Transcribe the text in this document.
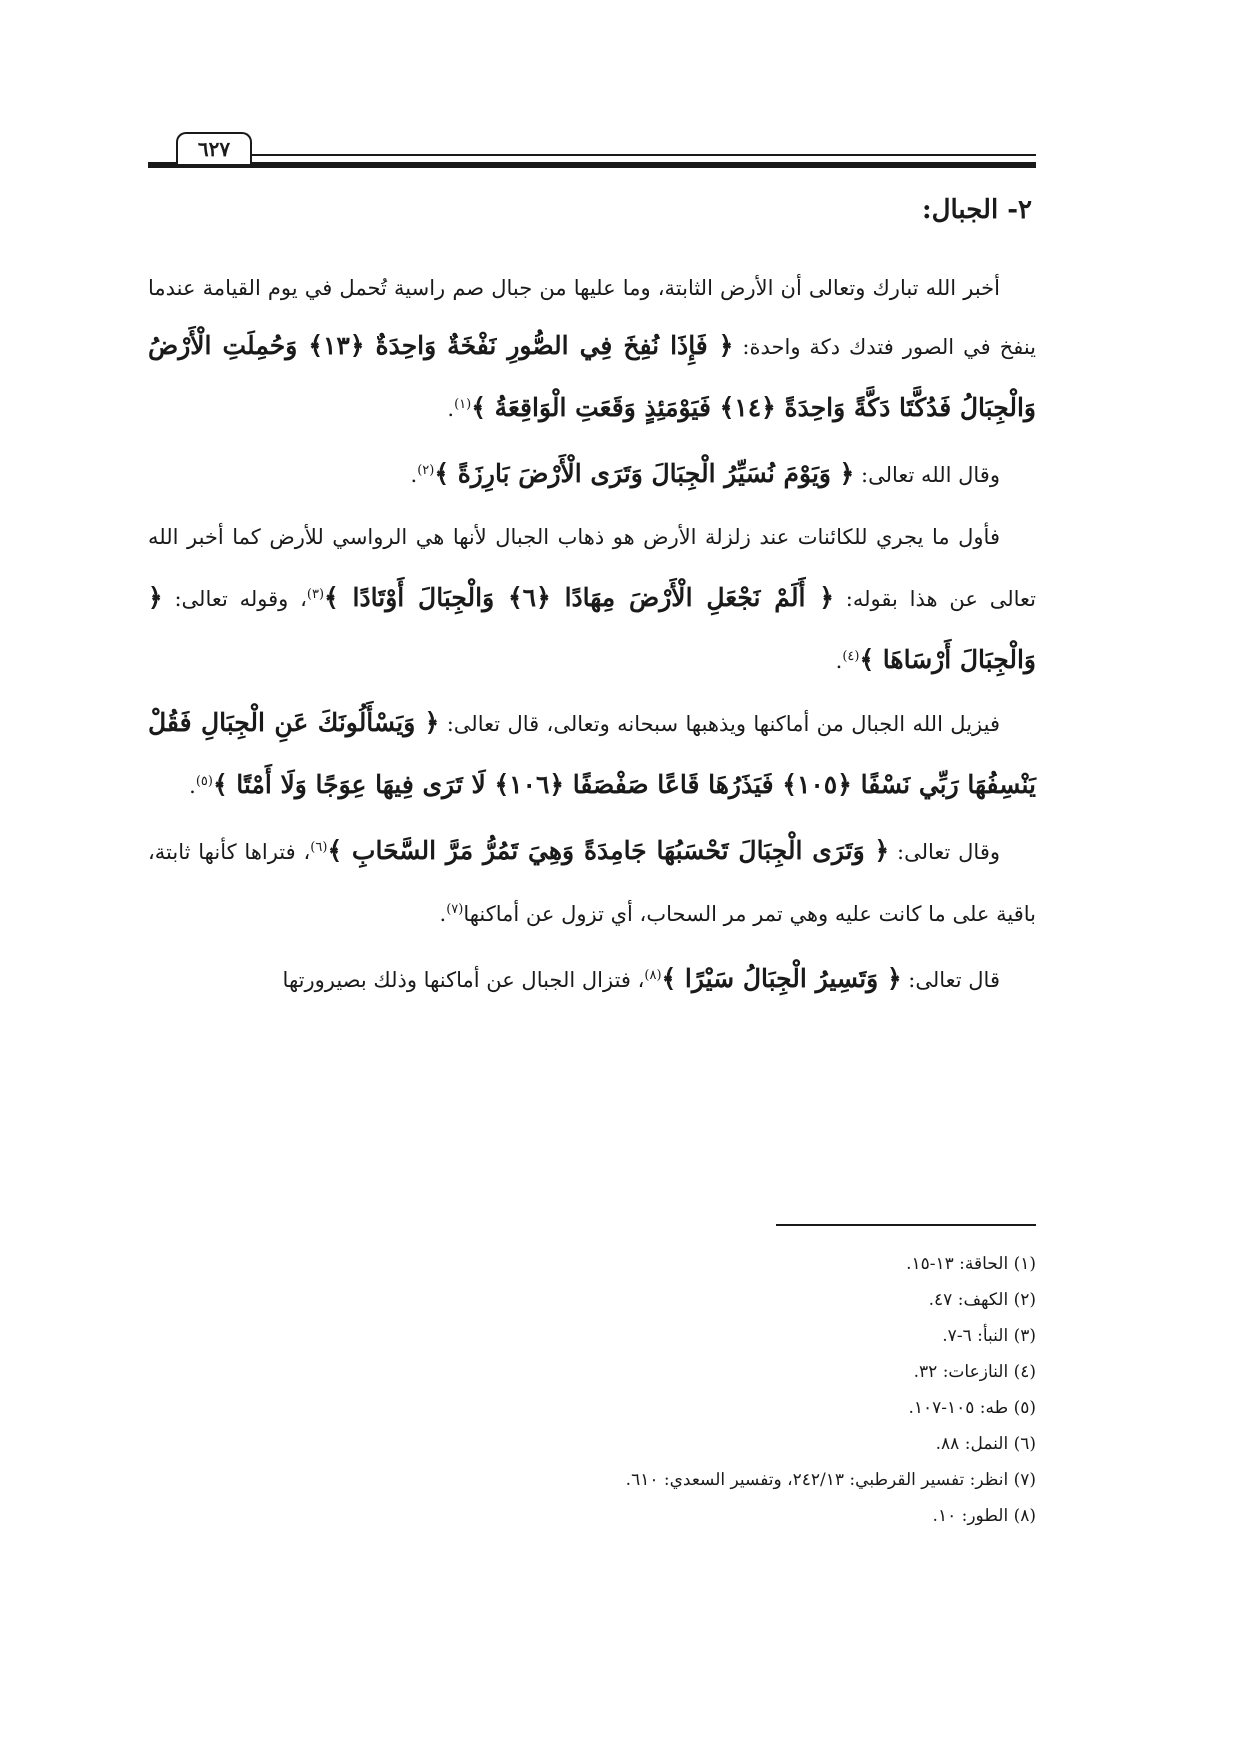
٦٢٧
٢- الجبال:

أخبر الله تبارك وتعالى أن الأرض الثابتة، وما عليها من جبال صم راسية تُحمل في يوم القيامة عندما ينفخ في الصور فتدك دكة واحدة: ﴿ فَإِذَا نُفِخَ فِي الصُّورِ نَفْخَةٌ وَاحِدَةٌ ﴿١٣﴾ وَحُمِلَتِ الْأَرْضُ وَالْجِبَالُ فَدُكَّتَا دَكَّةً وَاحِدَةً ﴿١٤﴾ فَيَوْمَئِذٍ وَقَعَتِ الْوَاقِعَةُ ﴾$^{(١)}$.

وقال الله تعالى: ﴿ وَيَوْمَ نُسَيِّرُ الْجِبَالَ وَتَرَى الْأَرْضَ بَارِزَةً ﴾$^{(٢)}$.

فأول ما يجري للكائنات عند زلزلة الأرض هو ذهاب الجبال لأنها هي الرواسي للأرض كما أخبر الله تعالى عن هذا بقوله: ﴿ أَلَمْ نَجْعَلِ الْأَرْضَ مِهَادًا ﴿٦﴾ وَالْجِبَالَ أَوْتَادًا ﴾$^{(٣)}$، وقوله تعالى: ﴿ وَالْجِبَالَ أَرْسَاهَا ﴾$^{(٤)}$.

فيزيل الله الجبال من أماكنها ويذهبها سبحانه وتعالى، قال تعالى: ﴿ وَيَسْأَلُونَكَ عَنِ الْجِبَالِ فَقُلْ يَنْسِفُهَا رَبِّي نَسْفًا ﴿١٠٥﴾ فَيَذَرُهَا قَاعًا صَفْصَفًا ﴿١٠٦﴾ لَا تَرَى فِيهَا عِوَجًا وَلَا أَمْتًا ﴾$^{(٥)}$.

وقال تعالى: ﴿ وَتَرَى الْجِبَالَ تَحْسَبُهَا جَامِدَةً وَهِيَ تَمُرُّ مَرَّ السَّحَابِ ﴾$^{(٦)}$، فتراها كأنها ثابتة، باقية على ما كانت عليه وهي تمر مر السحاب، أي تزول عن أماكنها$^{(٧)}$.

قال تعالى: ﴿ وَتَسِيرُ الْجِبَالُ سَيْرًا ﴾$^{(٨)}$، فتزال الجبال عن أماكنها وذلك بصيرورتها

(١) الحاقة: ١٣-١٥.

(٢) الكهف: ٤٧.

(٣) النبأ: ٦-٧.

(٤) النازعات: ٣٢.

(٥) طه: ١٠٥-١٠٧.

(٦) النمل: ٨٨.

(٧) انظر: تفسير القرطبي: ٢٤٢/١٣، وتفسير السعدي: ٦١٠.

(٨) الطور: ١٠.
